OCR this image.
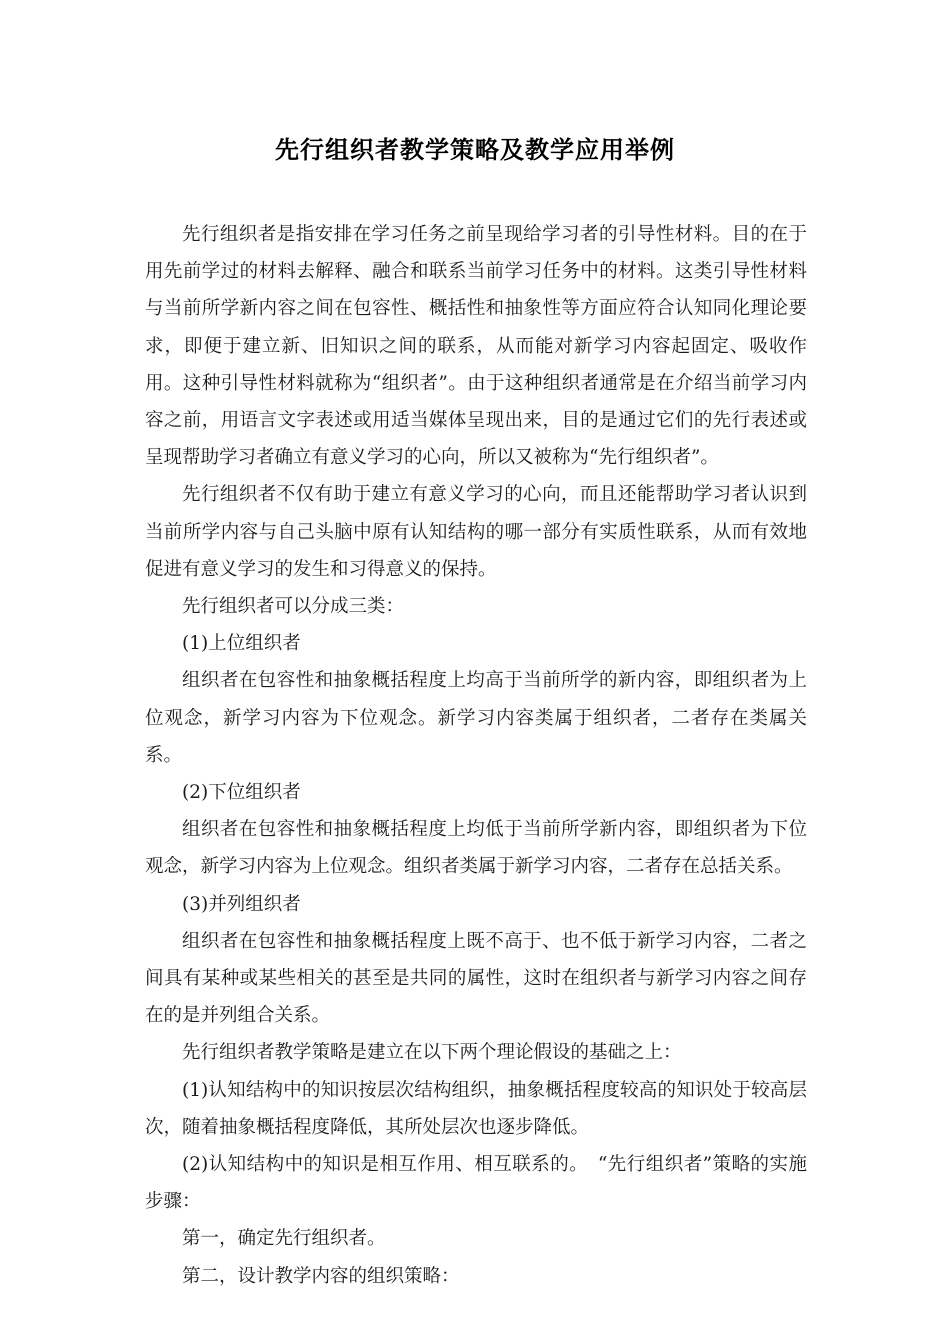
先行组织者教学策略及教学应用举例

先行组织者是指安排在学习任务之前呈现给学习者的引导性材料。目的在于用先前学过的材料去解释、融合和联系当前学习任务中的材料。这类引导性材料与当前所学新内容之间在包容性、概括性和抽象性等方面应符合认知同化理论要求，即便于建立新、旧知识之间的联系，从而能对新学习内容起固定、吸收作用。这种引导性材料就称为“组织者”。由于这种组织者通常是在介绍当前学习内容之前，用语言文字表述或用适当媒体呈现出来，目的是通过它们的先行表述或呈现帮助学习者确立有意义学习的心向，所以又被称为“先行组织者”。

先行组织者不仅有助于建立有意义学习的心向，而且还能帮助学习者认识到当前所学内容与自己头脑中原有认知结构的哪一部分有实质性联系，从而有效地促进有意义学习的发生和习得意义的保持。

先行组织者可以分成三类：

(1)上位组织者

组织者在包容性和抽象概括程度上均高于当前所学的新内容，即组织者为上位观念，新学习内容为下位观念。新学习内容类属于组织者，二者存在类属关系。

(2)下位组织者

组织者在包容性和抽象概括程度上均低于当前所学新内容，即组织者为下位观念，新学习内容为上位观念。组织者类属于新学习内容，二者存在总括关系。

(3)并列组织者

组织者在包容性和抽象概括程度上既不高于、也不低于新学习内容，二者之间具有某种或某些相关的甚至是共同的属性，这时在组织者与新学习内容之间存在的是并列组合关系。

先行组织者教学策略是建立在以下两个理论假设的基础之上：

(1)认知结构中的知识按层次结构组织，抽象概括程度较高的知识处于较高层次，随着抽象概括程度降低，其所处层次也逐步降低。

(2)认知结构中的知识是相互作用、相互联系的。　“先行组织者”策略的实施步骤：

第一，确定先行组织者。

第二，设计教学内容的组织策略：
